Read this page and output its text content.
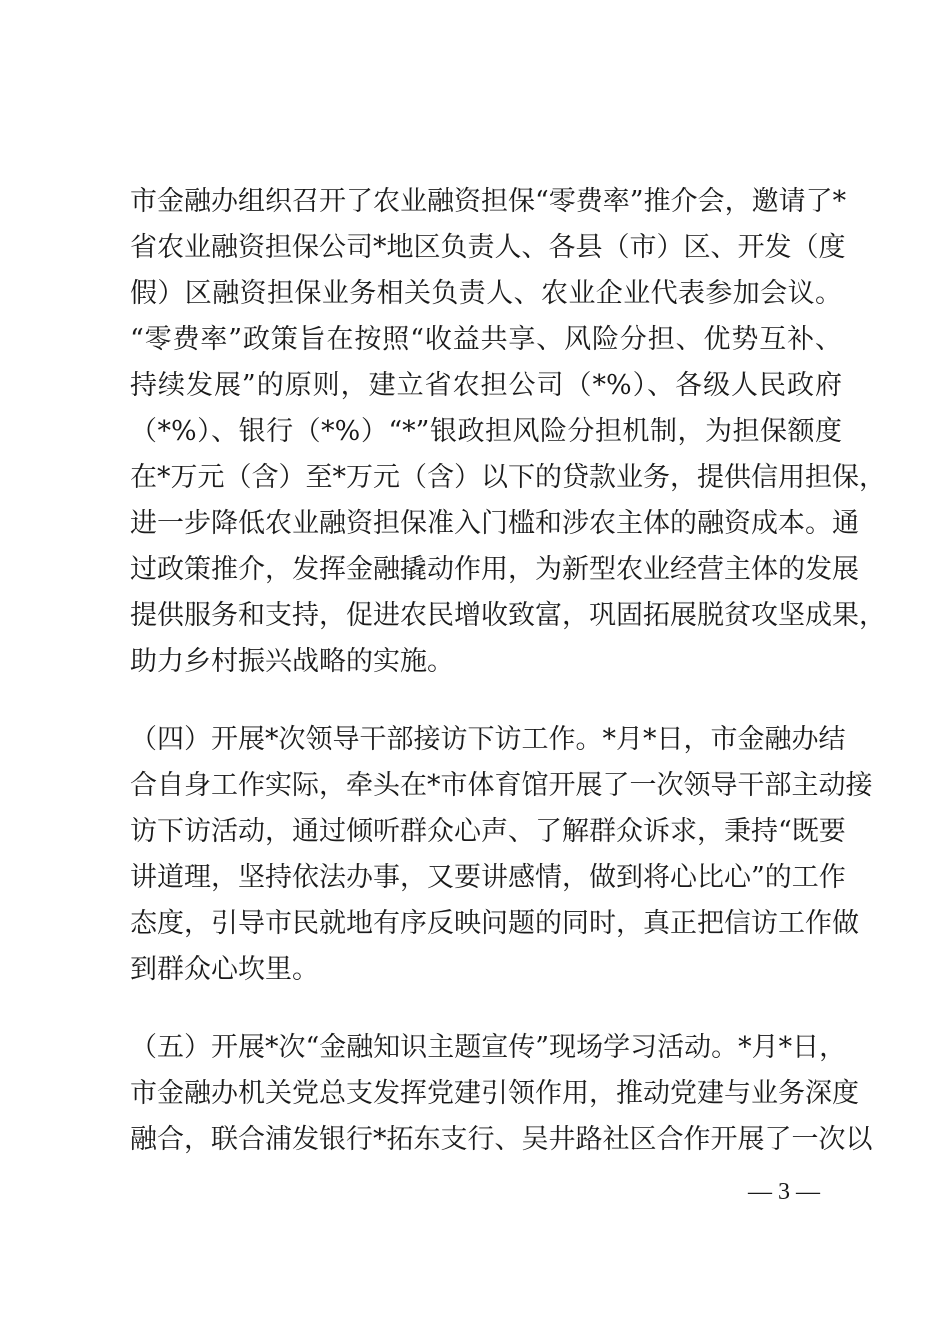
市金融办组织召开了农业融资担保“零费率”推介会，邀请了*
省农业融资担保公司*地区负责人、各县（市）区、开发（度
假）区融资担保业务相关负责人、农业企业代表参加会议。
“零费率”政策旨在按照“收益共享、风险分担、优势互补、
持续发展”的原则，建立省农担公司（*%）、各级人民政府
（*%）、银行（*%）“*”银政担风险分担机制，为担保额度
在*万元（含）至*万元（含）以下的贷款业务，提供信用担保，
进一步降低农业融资担保准入门槛和涉农主体的融资成本。通
过政策推介，发挥金融撬动作用，为新型农业经营主体的发展
提供服务和支持，促进农民增收致富，巩固拓展脱贫攻坚成果，
助力乡村振兴战略的实施。
（四）开展*次领导干部接访下访工作。*月*日，市金融办结
合自身工作实际，牵头在*市体育馆开展了一次领导干部主动接
访下访活动，通过倾听群众心声、了解群众诉求，秉持“既要
讲道理，坚持依法办事，又要讲感情，做到将心比心”的工作
态度，引导市民就地有序反映问题的同时，真正把信访工作做
到群众心坎里。
（五）开展*次“金融知识主题宣传”现场学习活动。*月*日，
市金融办机关党总支发挥党建引领作用，推动党建与业务深度
融合，联合浦发银行*拓东支行、吴井路社区合作开展了一次以
— 3 —
